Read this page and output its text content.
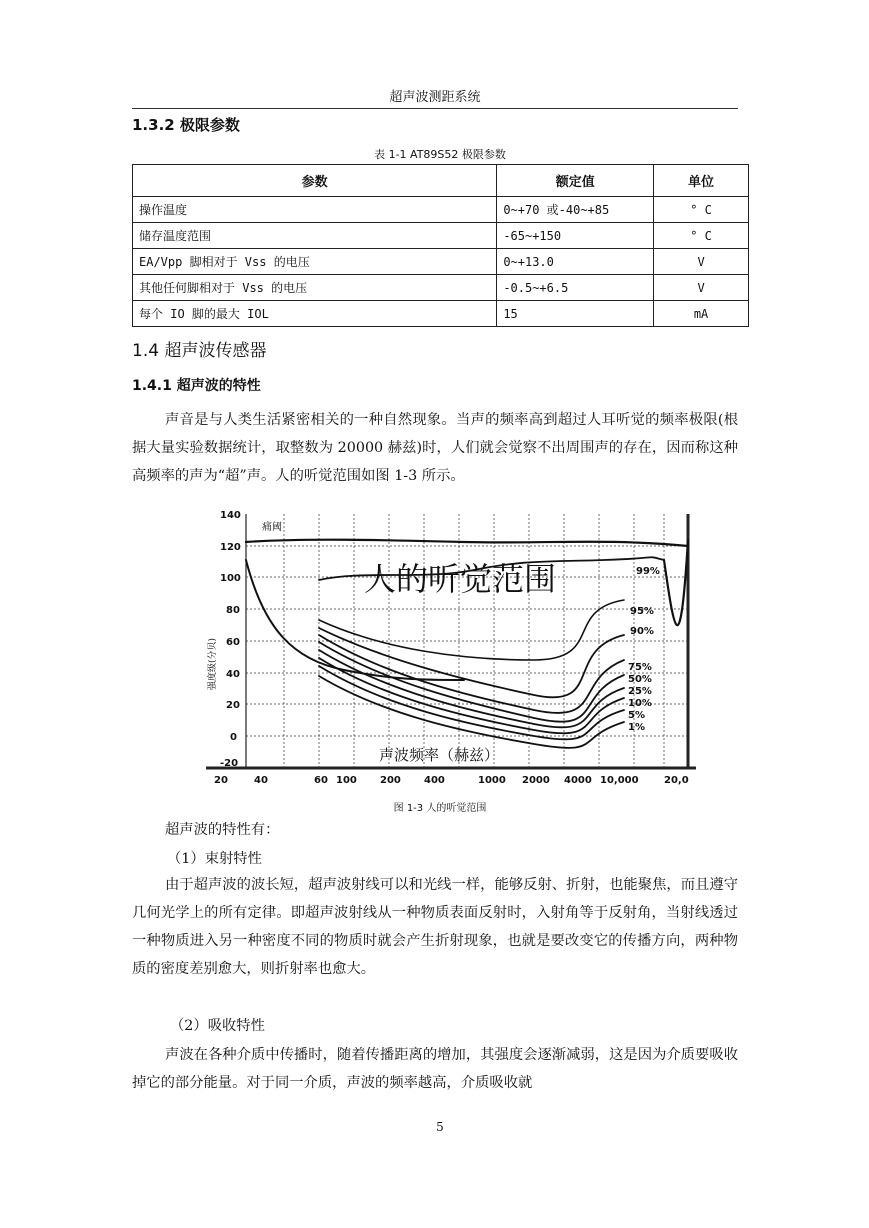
超声波测距系统
1.3.2 极限参数
表 1-1 AT89S52 极限参数
参数	额定值	单位
操作温度	0~+70 或-40~+85	° C
储存温度范围	-65~+150	° C
EA/Vpp 脚相对于 Vss 的电压	0~+13.0	V
其他任何脚相对于 Vss 的电压	-0.5~+6.5	V
每个 IO 脚的最大 IOL	15	mA
1.4 超声波传感器
1.4.1 超声波的特性

声音是与人类生活紧密相关的一种自然现象。当声的频率高到超过人耳听觉的频率极限(根据大量实验数据统计，取整数为 20000 赫兹)时，人们就会觉察不出周围声的存在，因而称这种高频率的声为“超”声。人的听觉范围如图 1-3 所示。

140
120
100
80
60
40
20
0
-20
强度级(分贝)
20	40	60 100 200 400	1000 2000 4000 10,000	20,0
痛阈
人的听觉范围
声波频率（赫兹）
99%
95%
90%
75%
50%
25%
10%
5%
1%
图 1-3 人的听觉范围

超声波的特性有：

（1）束射特性

由于超声波的波长短，超声波射线可以和光线一样，能够反射、折射，也能聚焦，而且遵守几何光学上的所有定律。即超声波射线从一种物质表面反射时，入射角等于反射角，当射线透过一种物质进入另一种密度不同的物质时就会产生折射现象，也就是要改变它的传播方向，两种物质的密度差别愈大，则折射率也愈大。

（2）吸收特性

声波在各种介质中传播时，随着传播距离的增加，其强度会逐渐减弱，这是因为介质要吸收掉它的部分能量。对于同一介质，声波的频率越高，介质吸收就

5
